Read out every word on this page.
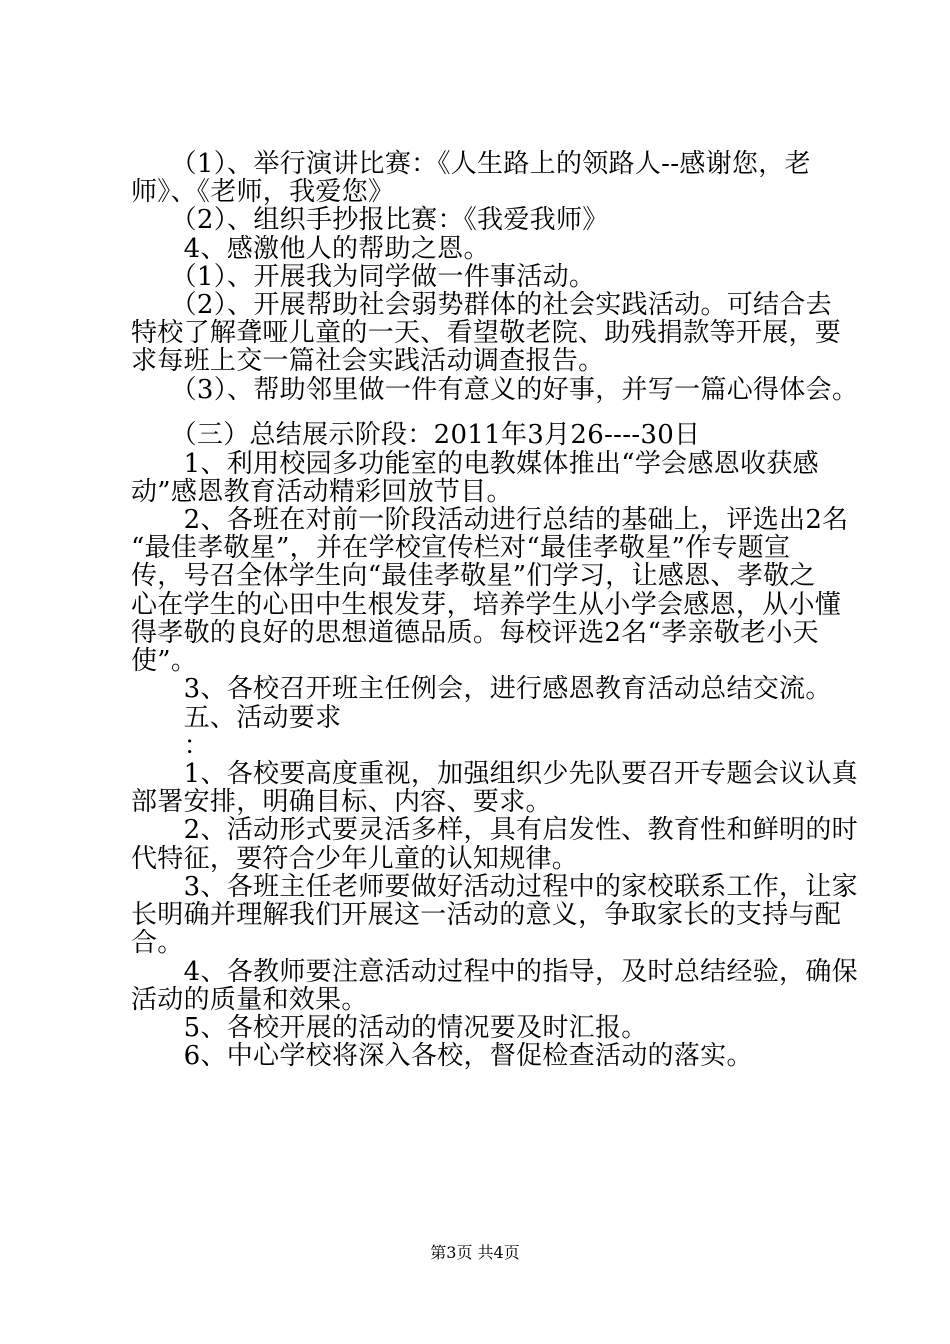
　　（1）、举行演讲比赛：《人生路上的领路人--感谢您，老
师》、《老师，我爱您》
　　（2）、组织手抄报比赛：《我爱我师》
　　4、感激他人的帮助之恩。
　　（1）、开展我为同学做一件事活动。
　　（2）、开展帮助社会弱势群体的社会实践活动。可结合去
特校了解聋哑儿童的一天、看望敬老院、助残捐款等开展，要
求每班上交一篇社会实践活动调查报告。
　　（3）、帮助邻里做一件有意义的好事，并写一篇心得体会。
　　（三）总结展示阶段：2011年3月26----30日
　　1、利用校园多功能室的电教媒体推出“学会感恩收获感
动”感恩教育活动精彩回放节目。
　　2、各班在对前一阶段活动进行总结的基础上，评选出2名
“最佳孝敬星”，并在学校宣传栏对“最佳孝敬星”作专题宣
传，号召全体学生向“最佳孝敬星”们学习，让感恩、孝敬之
心在学生的心田中生根发芽，培养学生从小学会感恩，从小懂
得孝敬的良好的思想道德品质。每校评选2名“孝亲敬老小天
使”。
　　3、各校召开班主任例会，进行感恩教育活动总结交流。
　　五、活动要求
　　：
　　1、各校要高度重视，加强组织少先队要召开专题会议认真
部署安排，明确目标、内容、要求。
　　2、活动形式要灵活多样，具有启发性、教育性和鲜明的时
代特征，要符合少年儿童的认知规律。
　　3、各班主任老师要做好活动过程中的家校联系工作，让家
长明确并理解我们开展这一活动的意义，争取家长的支持与配
合。
　　4、各教师要注意活动过程中的指导，及时总结经验，确保
活动的质量和效果。
　　5、各校开展的活动的情况要及时汇报。
　　6、中心学校将深入各校，督促检查活动的落实。
第3页 共4页
